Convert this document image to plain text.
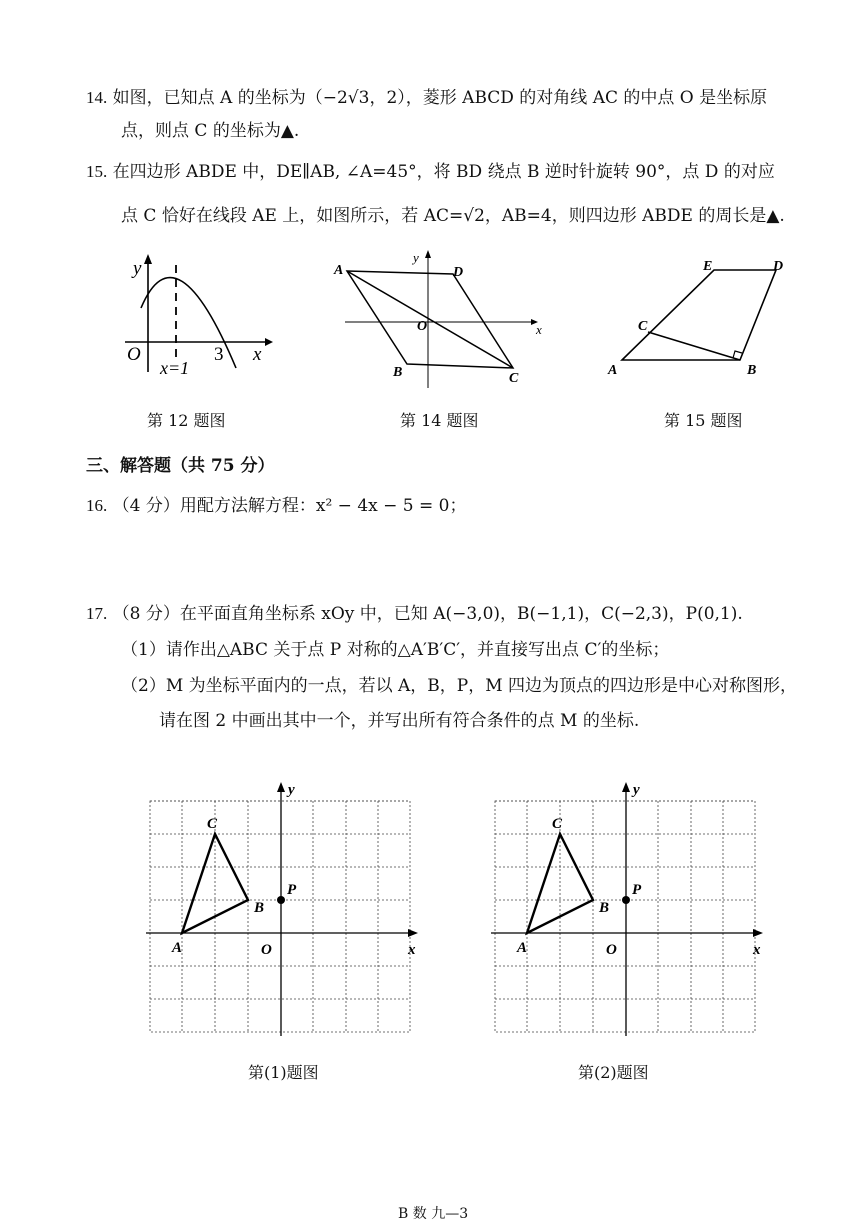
14. 如图，已知点 A 的坐标为（−2√3，2），菱形 ABCD 的对角线 AC 的中点 O 是坐标原
点，则点 C 的坐标为▲.
15. 在四边形 ABDE 中，DE∥AB, ∠A=45°，将 BD 绕点 B 逆时针旋转 90°，点 D 的对应
点 C 恰好在线段 AE 上，如图所示，若 AC=√2，AB=4，则四边形 ABDE 的周长是▲.
y
x
O
x=1
3
第 12 题图
A	D
B	C
O
y
x
第 14 题图
A	B
C
D
E
第 15 题图
三、解答题（共 75 分）
16. （4 分）用配方法解方程：x² − 4x − 5 = 0；
17. （8 分）在平面直角坐标系 xOy 中，已知 A(−3,0)，B(−1,1)，C(−2,3)，P(0,1).
（1）请作出△ABC 关于点 P 对称的△A′B′C′，并直接写出点 C′的坐标；
（2）M 为坐标平面内的一点，若以 A，B，P，M 四边为顶点的四边形是中心对称图形，
请在图 2 中画出其中一个，并写出所有符合条件的点 M 的坐标.
A
B
C
P
O	x
y
第(1)题图
A
B
C
P
O	x
y
第(2)题图
B 数 九—3
